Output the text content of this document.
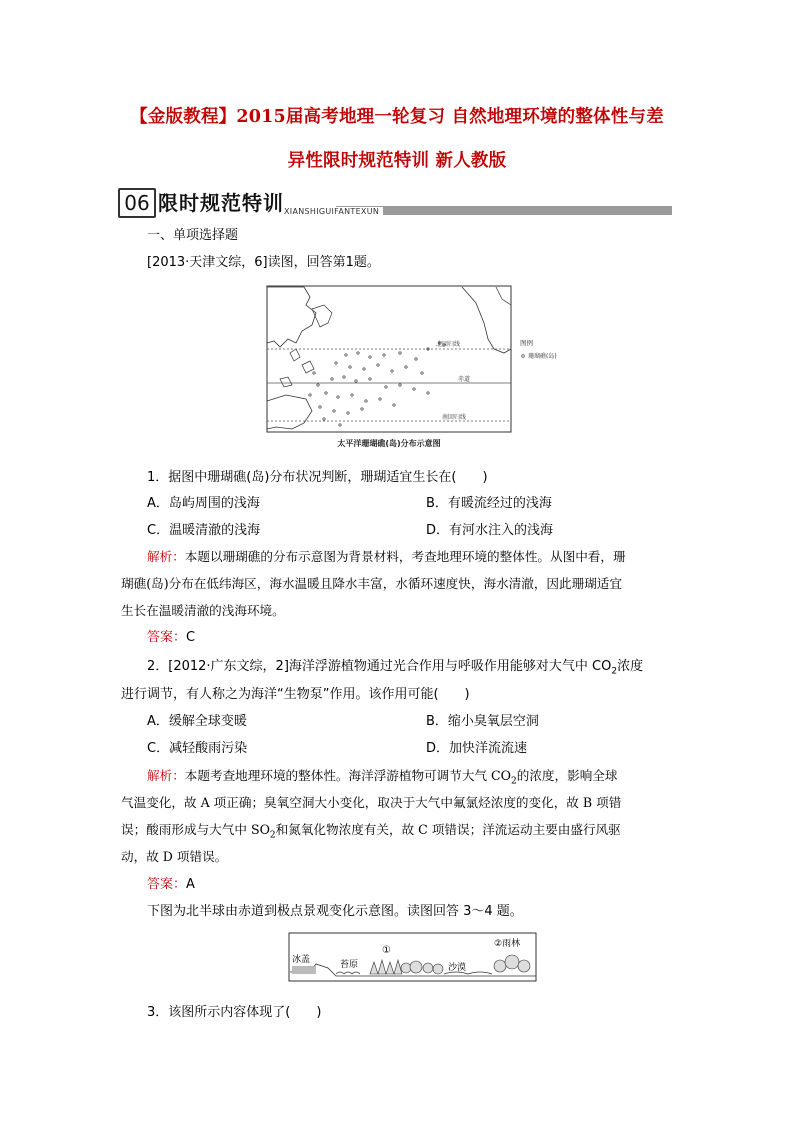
【金版教程】2015届高考地理一轮复习 自然地理环境的整体性与差
异性限时规范特训 新人教版
06 限时规范特训 XIANSHIGUIFANTEXUN
一、单项选择题
[2013·天津文综，6]读图，回答第1题。
北回归线
赤道
南回归线
图例
珊瑚礁(岛)
太平洋珊瑚礁(岛)分布示意图
1．据图中珊瑚礁(岛)分布状况判断，珊瑚适宜生长在(　　)
A．岛屿周围的浅海	B．有暖流经过的浅海
C．温暖清澈的浅海	D．有河水注入的浅海
解析：本题以珊瑚礁的分布示意图为背景材料，考查地理环境的整体性。从图中看，珊
瑚礁(岛)分布在低纬海区，海水温暖且降水丰富，水循环速度快，海水清澈，因此珊瑚适宜
生长在温暖清澈的浅海环境。
答案：C
2．[2012·广东文综，2]海洋浮游植物通过光合作用与呼吸作用能够对大气中 $CO_2$浓度
进行调节，有人称之为海洋“生物泵”作用。该作用可能(　　)
A．缓解全球变暖	B．缩小臭氧层空洞
C．减轻酸雨污染	D．加快洋流流速
解析：本题考查地理环境的整体性。海洋浮游植物可调节大气 $CO_2$的浓度，影响全球
气温变化，故 A 项正确；臭氧空洞大小变化，取决于大气中氟氯烃浓度的变化，故 B 项错
误；酸雨形成与大气中 $SO_2$和氮氧化物浓度有关，故 C 项错误；洋流运动主要由盛行风驱
动，故 D 项错误。
答案：A
下图为北半球由赤道到极点景观变化示意图。读图回答 3～4 题。
冰盖	苔原
①
沙漠
②雨林
3．该图所示内容体现了(　　)
